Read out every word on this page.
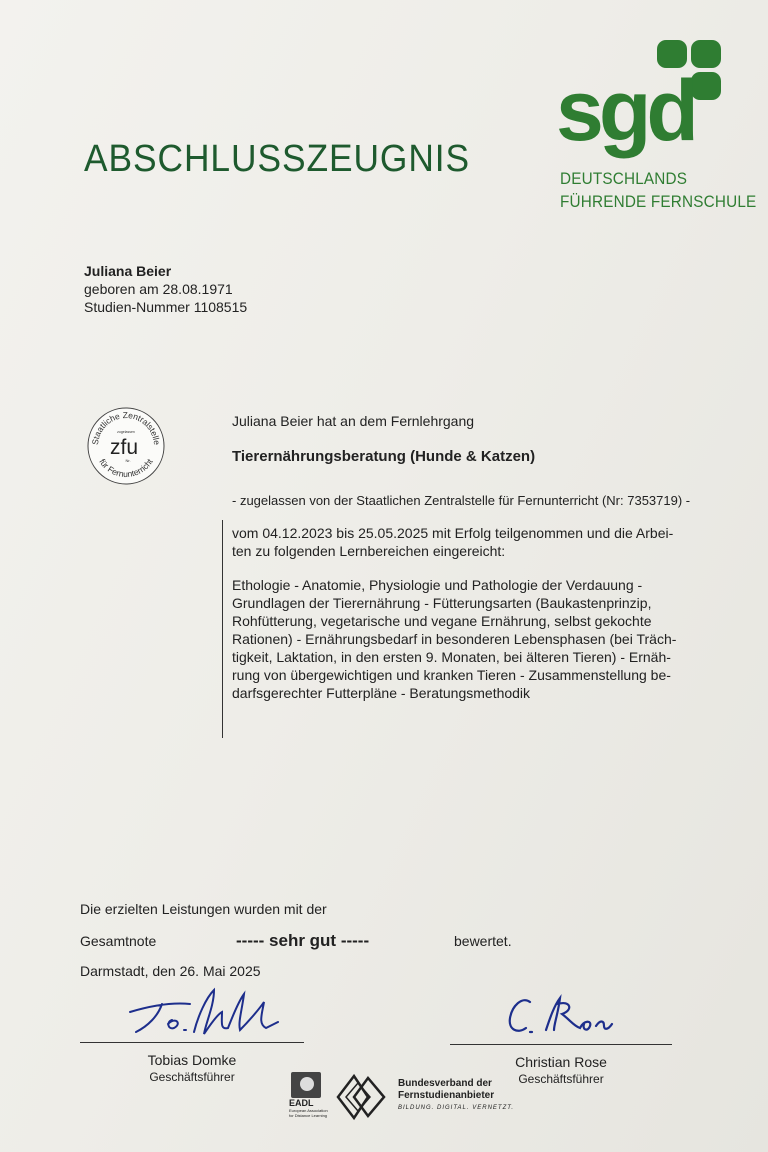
ABSCHLUSSZEUGNIS sgd
DEUTSCHLANDS
FÜHRENDE FERNSCHULE
Juliana Beier
geboren am 28.08.1971
Studien-Nummer 1108515
Staatliche Zentralstelle
zugelassen
zfu
Nr.
für Fernunterricht
Juliana Beier hat an dem Fernlehrgang
Tierernährungsberatung (Hunde & Katzen)
- zugelassen von der Staatlichen Zentralstelle für Fernunterricht (Nr: 7353719) -
vom 04.12.2023 bis 25.05.2025 mit Erfolg teilgenommen und die Arbei-
ten zu folgenden Lernbereichen eingereicht:
Ethologie - Anatomie, Physiologie und Pathologie der Verdauung -
Grundlagen der Tierernährung - Fütterungsarten (Baukastenprinzip,
Rohfütterung, vegetarische und vegane Ernährung, selbst gekochte
Rationen) - Ernährungsbedarf in besonderen Lebensphasen (bei Träch-
tigkeit, Laktation, in den ersten 9. Monaten, bei älteren Tieren) - Ernäh-
rung von übergewichtigen und kranken Tieren - Zusammenstellung be-
darfsgerechter Futterpläne - Beratungsmethodik
Die erzielten Leistungen wurden mit der
Gesamtnote	----- sehr gut -----	bewertet.
Darmstadt, den 26. Mai 2025
Tobias Domke
Geschäftsführer
Christian Rose
Geschäftsführer
EADL
European Association
for Distance Learning
Bundesverband der
Fernstudienanbieter
BILDUNG. DIGITAL. VERNETZT.
